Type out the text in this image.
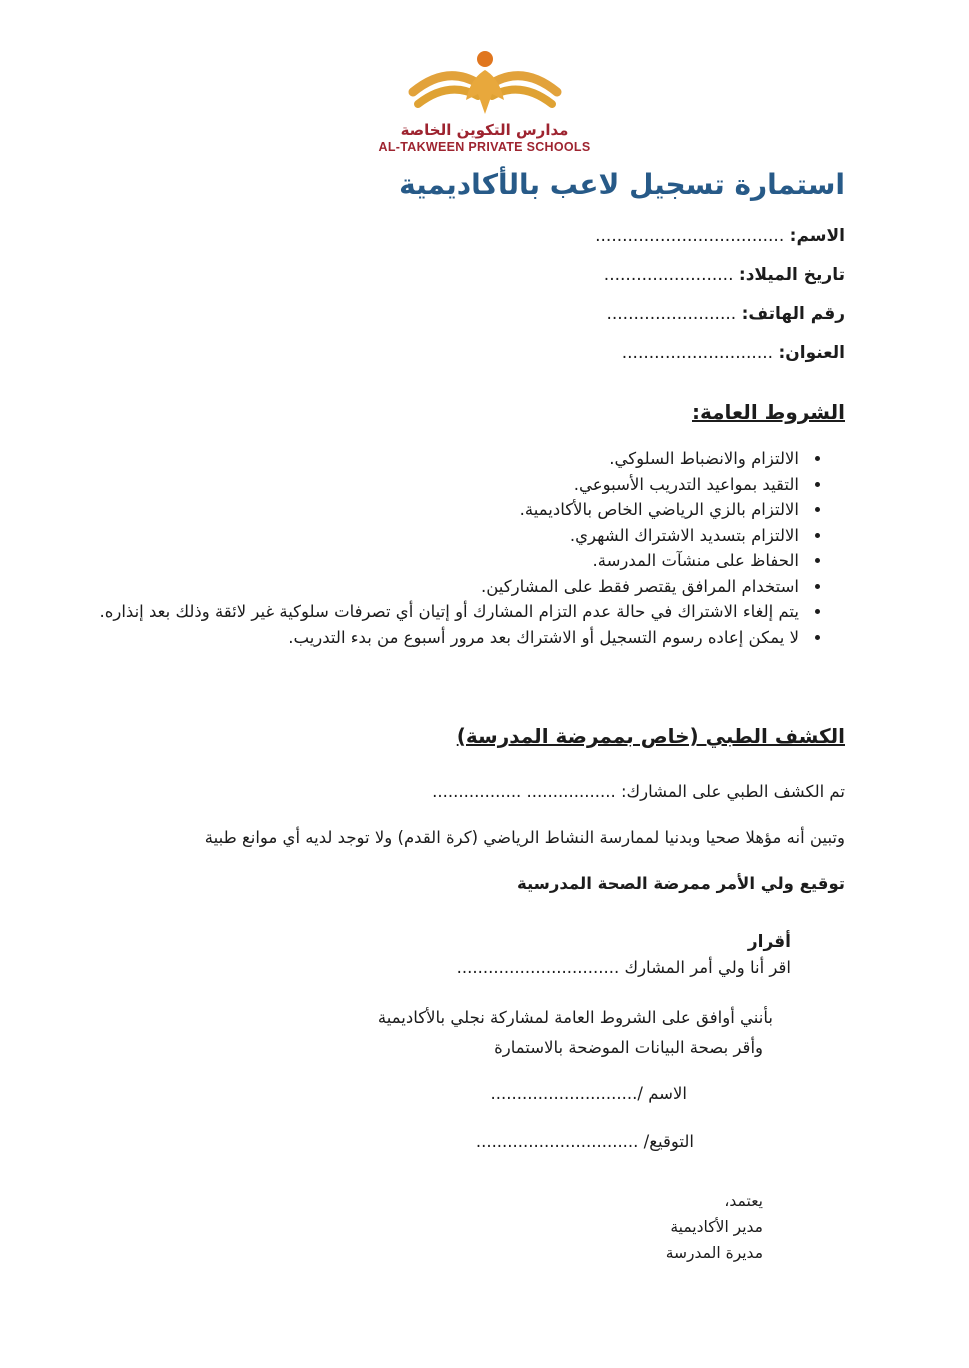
مدارس التكوين الخاصة
AL-TAKWEEN PRIVATE SCHOOLS
استمارة تسجيل لاعب بالأكاديمية
الاسم: ...................................
تاريخ الميلاد: ........................
رقم الهاتف: ........................
العنوان: ............................
الشروط العامة:
• الالتزام والانضباط السلوكي.
• التقيد بمواعيد التدريب الأسبوعي.
• الالتزام بالزي الرياضي الخاص بالأكاديمية.
• الالتزام بتسديد الاشتراك الشهري.
• الحفاظ على منشآت المدرسة.
• استخدام المرافق يقتصر فقط على المشاركين.
• يتم إلغاء الاشتراك في حالة عدم التزام المشارك أو إتيان أي تصرفات سلوكية غير لائقة وذلك بعد إنذاره.
• لا يمكن إعاده رسوم التسجيل أو الاشتراك بعد مرور أسبوع من بدء التدريب.
الكشف الطبي (خاص بممرضة المدرسة)
تم الكشف الطبي على المشارك: ................. .................
وتبين أنه مؤهلا صحيا وبدنيا لممارسة النشاط الرياضي (كرة القدم) ولا توجد لديه أي موانع طبية
توقيع ولي الأمر ممرضة الصحة المدرسية
أقرار
اقر أنا ولي أمر المشارك ...............................
بأنني أوافق على الشروط العامة لمشاركة نجلي بالأكاديمية
وأقر بصحة البيانات الموضحة بالاستمارة
الاسم /............................
التوقيع/ ...............................
يعتمد،
مدير الأكاديمية
مديرة المدرسة
